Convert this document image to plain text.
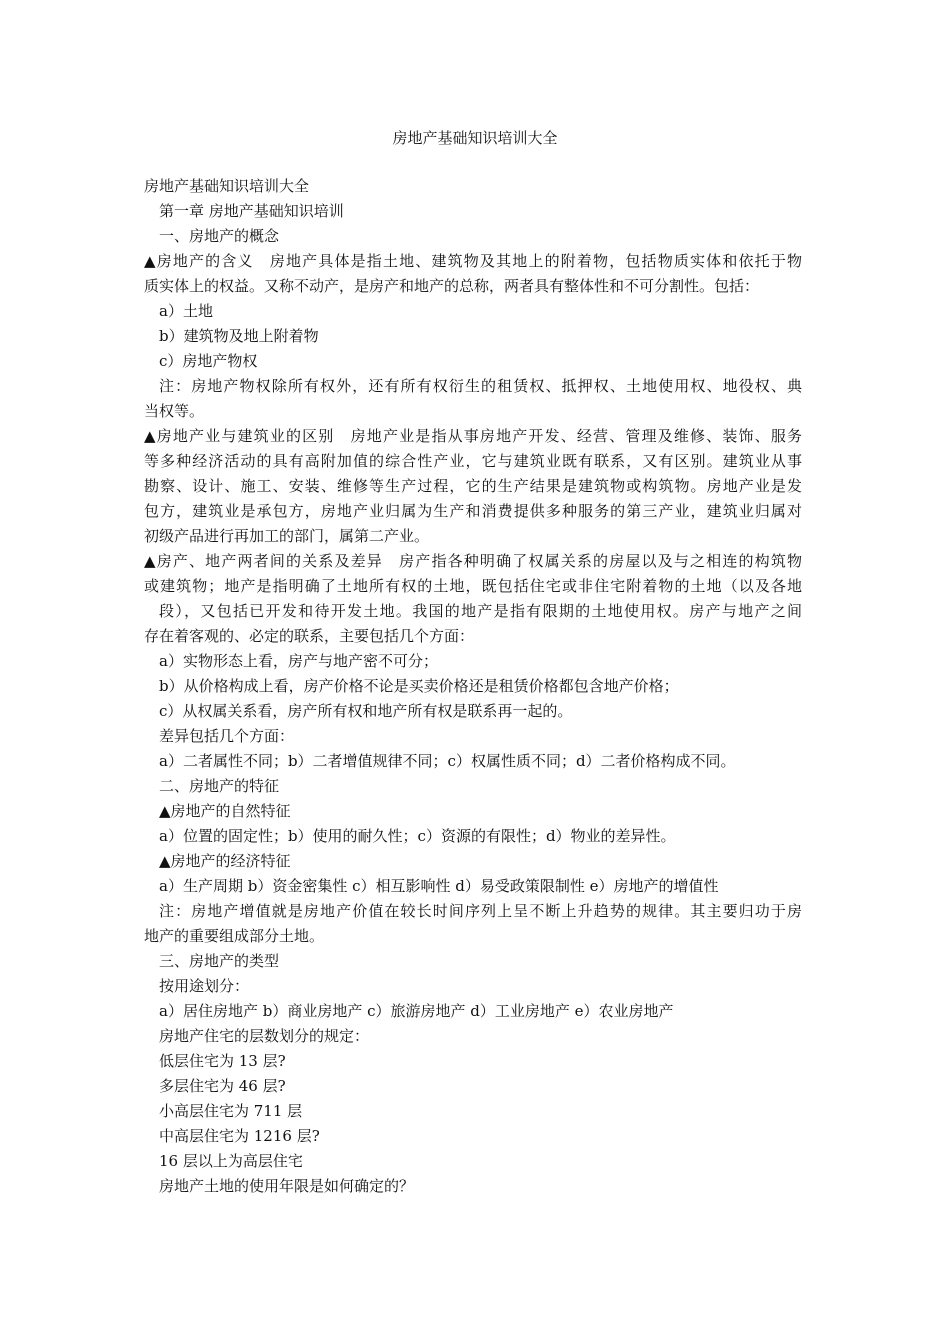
房地产基础知识培训大全
房地产基础知识培训大全
第一章 房地产基础知识培训
一、房地产的概念
▲房地产的含义　房地产具体是指土地、建筑物及其地上的附着物，包括物质实体和依托于物
质实体上的权益。又称不动产，是房产和地产的总称，两者具有整体性和不可分割性。包括：
a）土地
b）建筑物及地上附着物
c）房地产物权
注：房地产物权除所有权外，还有所有权衍生的租赁权、抵押权、土地使用权、地役权、典
当权等。
▲房地产业与建筑业的区别　房地产业是指从事房地产开发、经营、管理及维修、装饰、服务
等多种经济活动的具有高附加值的综合性产业，它与建筑业既有联系，又有区别。建筑业从事
勘察、设计、施工、安装、维修等生产过程，它的生产结果是建筑物或构筑物。房地产业是发
包方，建筑业是承包方，房地产业归属为生产和消费提供多种服务的第三产业，建筑业归属对
初级产品进行再加工的部门，属第二产业。
▲房产、地产两者间的关系及差异　房产指各种明确了权属关系的房屋以及与之相连的构筑物
或建筑物；地产是指明确了土地所有权的土地，既包括住宅或非住宅附着物的土地（以及各地
段），又包括已开发和待开发土地。我国的地产是指有限期的土地使用权。房产与地产之间
存在着客观的、必定的联系，主要包括几个方面：
a）实物形态上看，房产与地产密不可分；
b）从价格构成上看，房产价格不论是买卖价格还是租赁价格都包含地产价格；
c）从权属关系看，房产所有权和地产所有权是联系再一起的。
差异包括几个方面：
a）二者属性不同；b）二者增值规律不同；c）权属性质不同；d）二者价格构成不同。
二、房地产的特征
▲房地产的自然特征
a）位置的固定性；b）使用的耐久性；c）资源的有限性；d）物业的差异性。
▲房地产的经济特征
a）生产周期 b）资金密集性 c）相互影响性 d）易受政策限制性 e）房地产的增值性
注：房地产增值就是房地产价值在较长时间序列上呈不断上升趋势的规律。其主要归功于房
地产的重要组成部分土地。
三、房地产的类型
按用途划分：
a）居住房地产 b）商业房地产 c）旅游房地产 d）工业房地产 e）农业房地产
房地产住宅的层数划分的规定：
低层住宅为 13 层?
多层住宅为 46 层?
小高层住宅为 711 层
中高层住宅为 1216 层?
16 层以上为高层住宅
房地产土地的使用年限是如何确定的？
